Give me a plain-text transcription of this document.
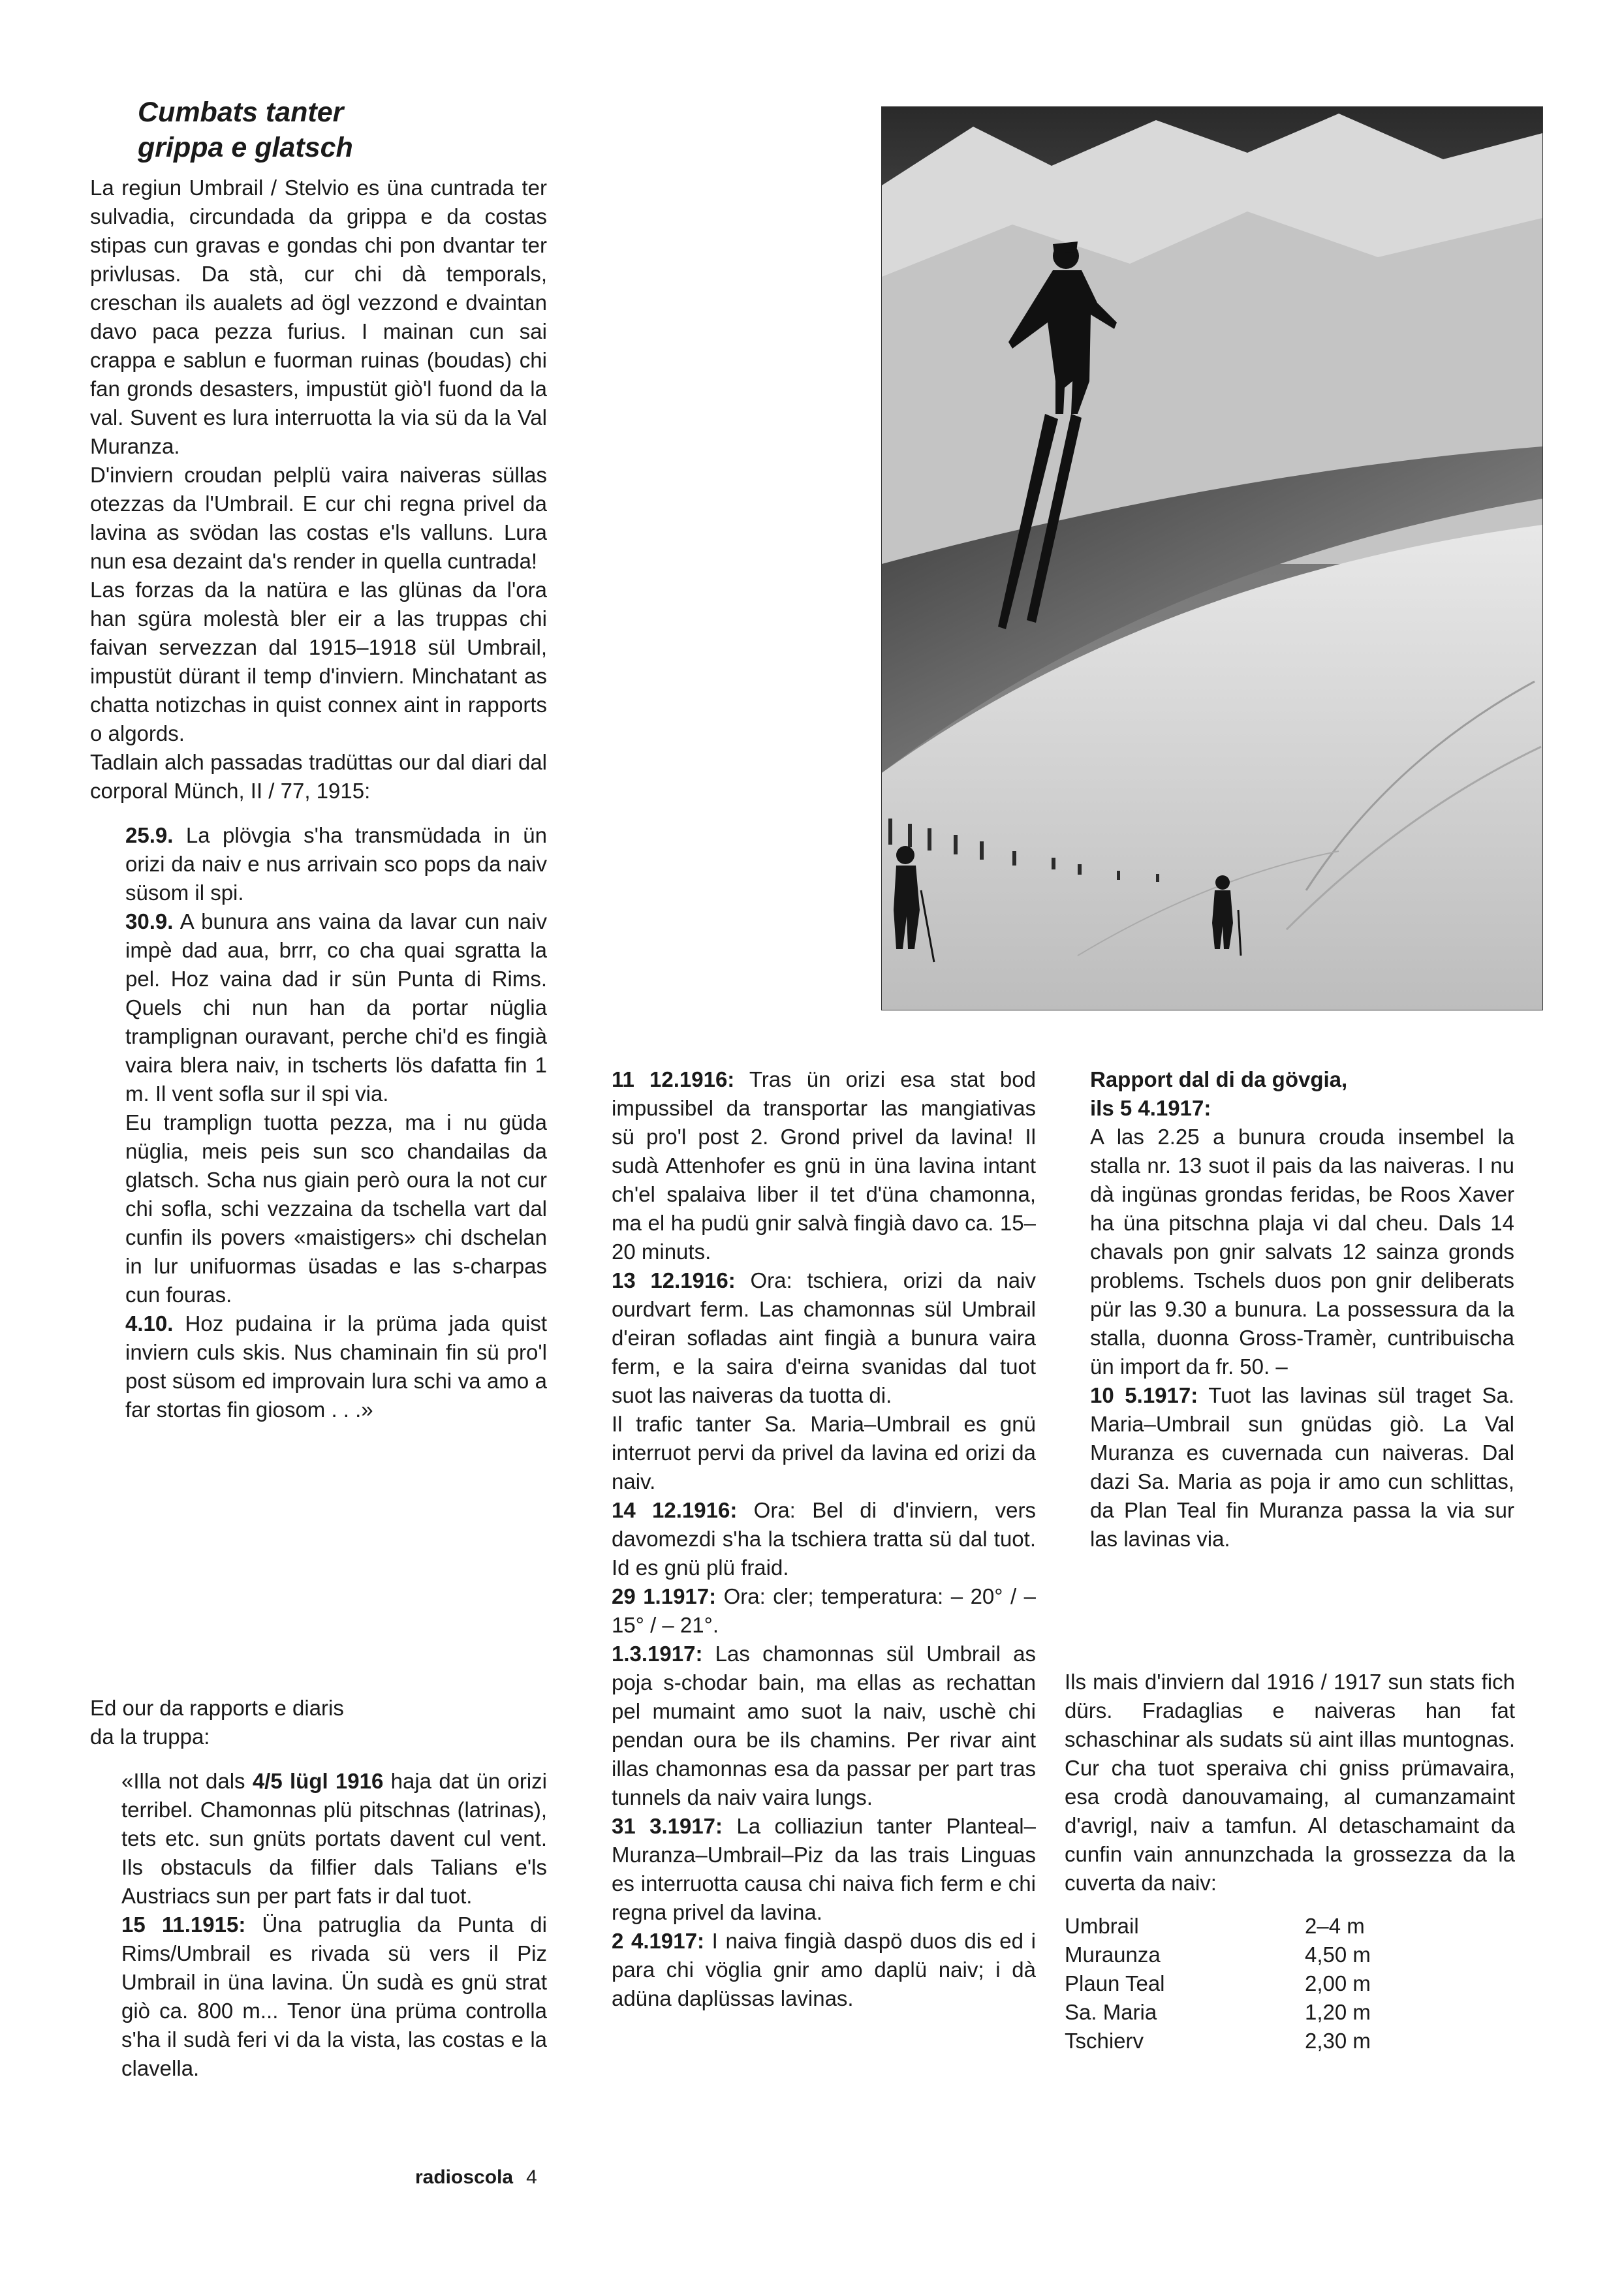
Cumbats tanter
grippa e glatsch

La regiun Umbrail / Stelvio es üna cuntrada ter sulvadia, circundada da grippa e da costas stipas cun gravas e gondas chi pon dvantar ter privlusas. Da stà, cur chi dà temporals, creschan ils aualets ad ögl vezzond e dvaintan davo paca pezza furius. I mainan cun sai crappa e sablun e fuorman ruinas (boudas) chi fan gronds desasters, impustüt giò'l fuond da la val. Suvent es lura interruotta la via sü da la Val Muranza.

D'inviern croudan pelplü vaira naiveras süllas otezzas da l'Umbrail. E cur chi regna privel da lavina as svödan las costas e'ls valluns. Lura nun esa dezaint da's render in quella cuntrada!

Las forzas da la natüra e las glünas da l'ora han sgüra molestà bler eir a las truppas chi faivan servezzan dal 1915–1918 sül Umbrail, impustüt dürant il temp d'inviern. Minchatant as chatta notizchas in quist connex aint in rapports o algords.

Tadlain alch passadas tradüttas our dal diari dal corporal Münch, II / 77, 1915:

25.9. La plövgia s'ha transmüdada in ün orizi da naiv e nus arrivain sco pops da naiv süsom il spi.

30.9. A bunura ans vaina da lavar cun naiv impè dad aua, brrr, co cha quai sgratta la pel. Hoz vaina dad ir sün Punta di Rims. Quels chi nun han da portar nüglia tramplignan ouravant, perche chi'd es fingià vaira blera naiv, in tscherts lös dafatta fin 1 m. Il vent sofla sur il spi via.

Eu tramplign tuotta pezza, ma i nu güda nüglia, meis peis sun sco chandailas da glatsch. Scha nus giain però oura la not cur chi sofla, schi vezzaina da tschella vart dal cunfin ils povers «maistigers» chi dschelan in lur unifuormas üsadas e las s-charpas cun fouras.

4.10. Hoz pudaina ir la prüma jada quist inviern culs skis. Nus chaminain fin sü pro'l post süsom ed improvain lura schi va amo a far stortas fin giosom . . .»

Ed our da rapports e diaris

da la truppa:

«Illa not dals 4/5 lügl 1916 haja dat ün orizi terribel. Chamonnas plü pitschnas (latrinas), tets etc. sun gnüts portats davent cul vent. Ils obstaculs da filfier dals Talians e'ls Austriacs sun per part fats ir dal tuot.

15 11.1915: Üna patruglia da Punta di Rims/Umbrail es rivada sü vers il Piz Umbrail in üna lavina. Ün sudà es gnü strat giò ca. 800 m... Tenor üna prüma controlla s'ha il sudà feri vi da la vista, las costas e la clavella.

11 12.1916: Tras ün orizi esa stat bod impussibel da transportar las mangiativas sü pro'l post 2. Grond privel da lavina! Il sudà Attenhofer es gnü in üna lavina intant ch'el spalaiva liber il tet d'üna chamonna, ma el ha pudü gnir salvà fingià davo ca. 15–20 minuts.

13 12.1916: Ora: tschiera, orizi da naiv ourdvart ferm. Las chamonnas sül Umbrail d'eiran sofladas aint fingià a bunura vaira ferm, e la saira d'eirna svanidas dal tuot suot las naiveras da tuotta di.

Il trafic tanter Sa. Maria–Umbrail es gnü interruot pervi da privel da lavina ed orizi da naiv.

14 12.1916: Ora: Bel di d'inviern, vers davomezdi s'ha la tschiera tratta sü dal tuot. Id es gnü plü fraid.

29 1.1917: Ora: cler; temperatura: – 20° / – 15° / – 21°.

1.3.1917: Las chamonnas sül Umbrail as poja s-chodar bain, ma ellas as rechattan pel mumaint amo suot la naiv, uschè chi pendan oura be ils chamins. Per rivar aint illas chamonnas esa da passar per part tras tunnels da naiv vaira lungs.

31 3.1917: La colliaziun tanter Planteal–Muranza–Umbrail–Piz da las trais Linguas es interruotta causa chi naiva fich ferm e chi regna privel da lavina.

2 4.1917: I naiva fingià daspö duos dis ed i para chi vöglia gnir amo daplü naiv; i dà adüna daplüssas lavinas.

Rapport dal di da gövgia,

ils 5 4.1917:

A las 2.25 a bunura crouda insembel la stalla nr. 13 suot il pais da las naiveras. I nu dà ingünas grondas feridas, be Roos Xaver ha üna pitschna plaja vi dal cheu. Dals 14 chavals pon gnir salvats 12 sainza gronds problems. Tschels duos pon gnir deliberats pür las 9.30 a bunura. La possessura da la stalla, duonna Gross-Tramèr, cuntribuischa ün import da fr. 50. –

10 5.1917: Tuot las lavinas sül traget Sa. Maria–Umbrail sun gnüdas giò. La Val Muranza es cuvernada cun naiveras. Dal dazi Sa. Maria as poja ir amo cun schlittas, da Plan Teal fin Muranza passa la via sur las lavinas via.

Ils mais d'inviern dal 1916 / 1917 sun stats fich dürs. Fradaglias e naiveras han fat schaschinar als sudats sü aint illas muntognas. Cur cha tuot speraiva chi gniss prümavaira, esa crodà danouvamaing, al cumanzamaint d'avrigl, naiv a tamfun. Al detaschamaint da cunfin vain annunzchada la grossezza da la cuverta da naiv:

Umbrail	2–4 m
Muraunza	4,50 m
Plaun Teal	2,00 m
Sa. Maria	1,20 m
Tschierv	2,30 m
radioscola 4
